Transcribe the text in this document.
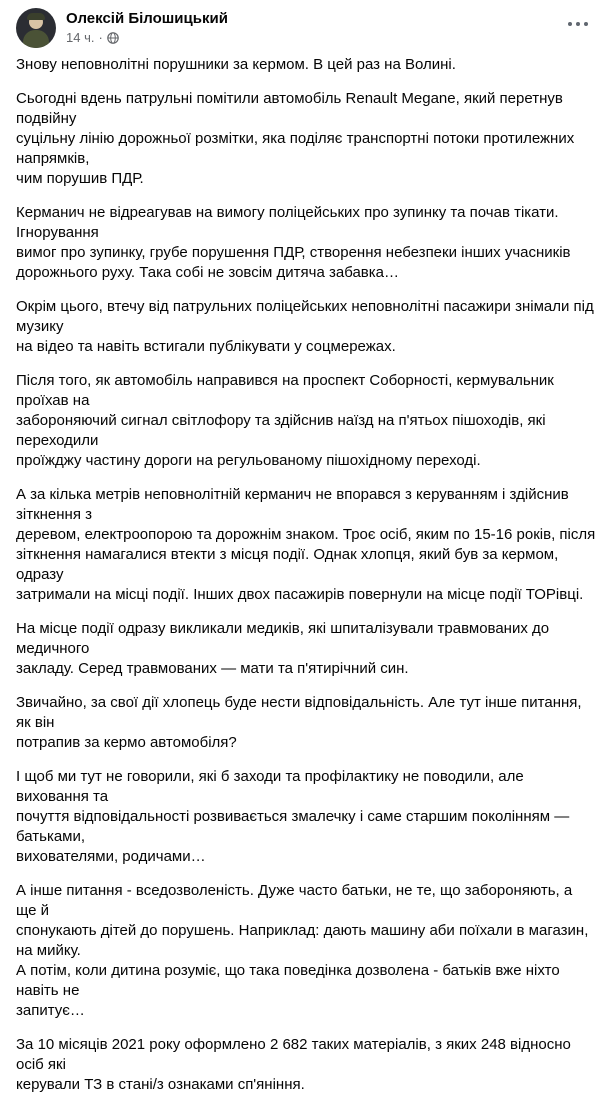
Олексій Білошицький
14 ч. ·

Знову неповнолітні порушники за кермом. В цей раз на Волині.

Сьогодні вдень патрульні помітили автомобіль Renault Megane, який перетнув подвійну
суцільну лінію дорожньої розмітки, яка поділяє транспортні потоки протилежних напрямків,
чим порушив ПДР.

Керманич не відреагував на вимогу поліцейських про зупинку та почав тікати. Ігнорування
вимог про зупинку, грубе порушення ПДР, створення небезпеки інших учасників
дорожнього руху. Така собі не зовсім дитяча забавка…

Окрім цього, втечу від патрульних поліцейських неповнолітні пасажири знімали під музику
на відео та навіть встигали публікувати у соцмережах.

Після того, як автомобіль направився на проспект Соборності, кермувальник проїхав на
забороняючий сигнал світлофору та здійснив наїзд на п'ятьох пішоходів, які переходили
проїжджу частину дороги на регульованому пішохідному переході.

А за кілька метрів неповнолітній керманич не впорався з керуванням і здійснив зіткнення з
деревом, електроопорою та дорожнім знаком. Троє осіб, яким по 15-16 років, після
зіткнення намагалися втекти з місця події. Однак хлопця, який був за кермом, одразу
затримали на місці події. Інших двох пасажирів повернули на місце події ТОРівці.

На місце події одразу викликали медиків, які шпиталізували травмованих до медичного
закладу. Серед травмованих — мати та п'ятирічний син.

Звичайно, за свої дії хлопець буде нести відповідальність. Але тут інше питання, як він
потрапив за кермо автомобіля?

І щоб ми тут не говорили, які б заходи та профілактику не поводили, але виховання та
почуття відповідальності розвивається змалечку і саме старшим поколінням — батьками,
вихователями, родичами…

А інше питання - вседозволеність. Дуже часто батьки, не те, що забороняють, а ще й
спонукають дітей до порушень. Наприклад: дають машину аби поїхали в магазин, на мийку.
А потім, коли дитина розуміє, що така поведінка дозволена - батьків вже ніхто навіть не
запитує…

За 10 місяців 2021 року оформлено 2 682 таких матеріалів, з яких 248 відносно осіб які
керували ТЗ в стані/з ознаками сп'яніння.
